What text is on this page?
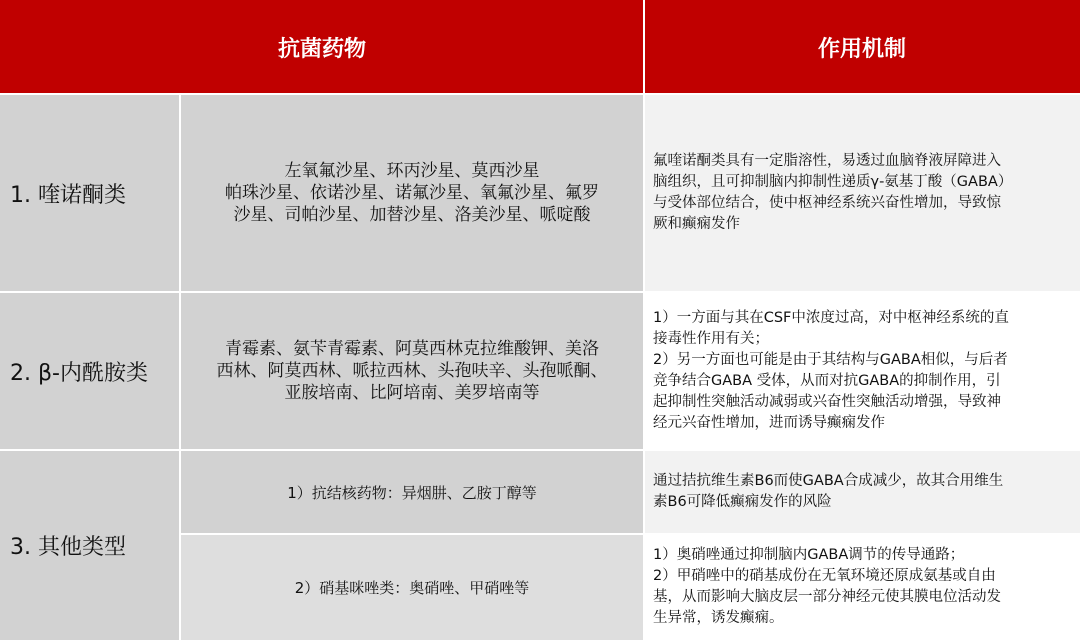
抗菌药物	作用机制
1. 喹诺酮类
左氧氟沙星、环丙沙星、莫西沙星
帕珠沙星、依诺沙星、诺氟沙星、氧氟沙星、氟罗
沙星、司帕沙星、加替沙星、洛美沙星、哌啶酸
氟喹诺酮类具有一定脂溶性，易透过血脑脊液屏障进入
脑组织，且可抑制脑内抑制性递质γ-氨基丁酸（GABA）
与受体部位结合，使中枢神经系统兴奋性增加，导致惊
厥和癫痫发作
2. β-内酰胺类
青霉素、氨苄青霉素、阿莫西林克拉维酸钾、美洛
西林、阿莫西林、哌拉西林、头孢呋辛、头孢哌酮、
亚胺培南、比阿培南、美罗培南等
1）一方面与其在CSF中浓度过高，对中枢神经系统的直
接毒性作用有关；
2）另一方面也可能是由于其结构与GABA相似，与后者
竞争结合GABA 受体，从而对抗GABA的抑制作用，引
起抑制性突触活动减弱或兴奋性突触活动增强，导致神
经元兴奋性增加，进而诱导癫痫发作
3. 其他类型
1）抗结核药物：异烟肼、乙胺丁醇等
通过拮抗维生素B6而使GABA合成减少，故其合用维生
素B6可降低癫痫发作的风险
2）硝基咪唑类：奥硝唑、甲硝唑等
1）奥硝唑通过抑制脑内GABA调节的传导通路；
2）甲硝唑中的硝基成份在无氧环境还原成氨基或自由
基，从而影响大脑皮层一部分神经元使其膜电位活动发
生异常，诱发癫痫。
